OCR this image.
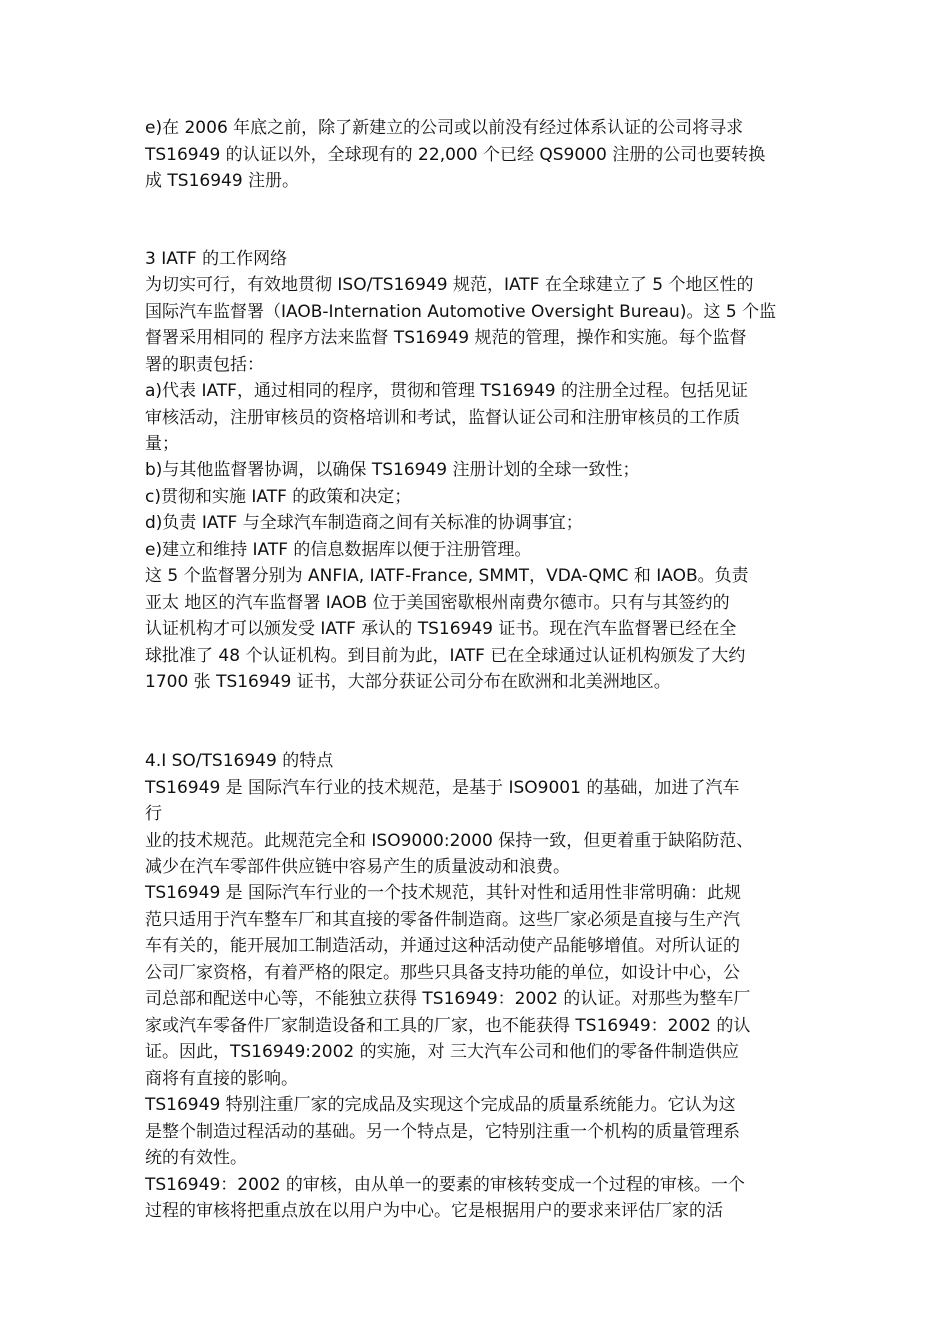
e)在 2006 年底之前，除了新建立的公司或以前没有经过体系认证的公司将寻求
TS16949 的认证以外，全球现有的 22,000 个已经 QS9000 注册的公司也要转换
成 TS16949 注册。
3 IATF 的工作网络
为切实可行，有效地贯彻 ISO/TS16949 规范，IATF 在全球建立了 5 个地区性的
国际汽车监督署（IAOB-Internation Automotive Oversight Bureau)。这 5 个监
督署采用相同的 程序方法来监督 TS16949 规范的管理，操作和实施。每个监督
署的职责包括：
a)代表 IATF，通过相同的程序，贯彻和管理 TS16949 的注册全过程。包括见证
审核活动，注册审核员的资格培训和考试，监督认证公司和注册审核员的工作质
量；
b)与其他监督署协调，以确保 TS16949 注册计划的全球一致性；
c)贯彻和实施 IATF 的政策和决定；
d)负责 IATF 与全球汽车制造商之间有关标准的协调事宜；
e)建立和维持 IATF 的信息数据库以便于注册管理。
这 5 个监督署分别为 ANFIA, IATF-France, SMMT，VDA-QMC 和 IAOB。负责
亚太 地区的汽车监督署 IAOB 位于美国密歇根州南费尔德市。只有与其签约的
认证机构才可以颁发受 IATF 承认的 TS16949 证书。现在汽车监督署已经在全
球批准了 48 个认证机构。到目前为此，IATF 已在全球通过认证机构颁发了大约
1700 张 TS16949 证书，大部分获证公司分布在欧洲和北美洲地区。
4.I SO/TS16949 的特点
TS16949 是 国际汽车行业的技术规范，是基于 ISO9001 的基础，加进了汽车
行
业的技术规范。此规范完全和 ISO9000:2000 保持一致，但更着重于缺陷防范、
减少在汽车零部件供应链中容易产生的质量波动和浪费。
TS16949 是 国际汽车行业的一个技术规范，其针对性和适用性非常明确：此规
范只适用于汽车整车厂和其直接的零备件制造商。这些厂家必须是直接与生产汽
车有关的，能开展加工制造活动，并通过这种活动使产品能够增值。对所认证的
公司厂家资格，有着严格的限定。那些只具备支持功能的单位，如设计中心，公
司总部和配送中心等，不能独立获得 TS16949：2002 的认证。对那些为整车厂
家或汽车零备件厂家制造设备和工具的厂家，也不能获得 TS16949：2002 的认
证。因此，TS16949:2002 的实施，对 三大汽车公司和他们的零备件制造供应
商将有直接的影响。
TS16949 特别注重厂家的完成品及实现这个完成品的质量系统能力。它认为这
是整个制造过程活动的基础。另一个特点是，它特别注重一个机构的质量管理系
统的有效性。
TS16949：2002 的审核，由从单一的要素的审核转变成一个过程的审核。一个
过程的审核将把重点放在以用户为中心。它是根据用户的要求来评估厂家的活
